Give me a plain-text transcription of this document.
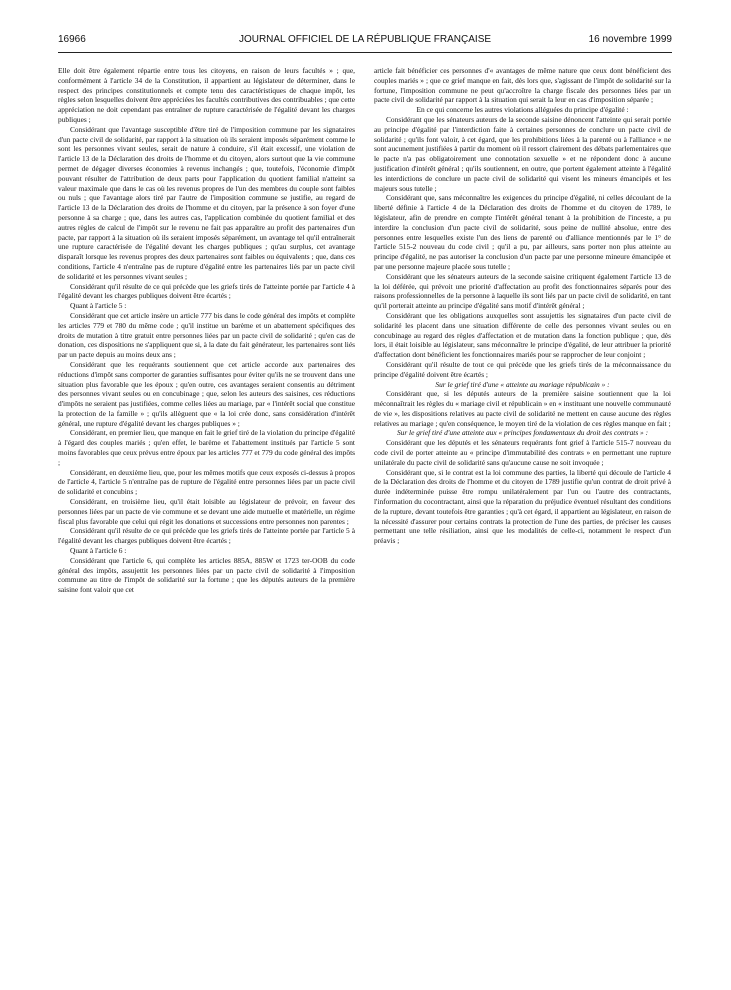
16966	JOURNAL OFFICIEL DE LA RÉPUBLIQUE FRANÇAISE	16 novembre 1999

Elle doit être également répartie entre tous les citoyens, en raison de leurs facultés » ; que, conformément à l'article 34 de la Constitution, il appartient au législateur de déterminer, dans le respect des principes constitutionnels et compte tenu des caractéristiques de chaque impôt, les règles selon lesquelles doivent être appréciées les facultés contributives des contribuables ; que cette appréciation ne doit cependant pas entraîner de rupture caractérisée de l'égalité devant les charges publiques ;

Considérant que l'avantage susceptible d'être tiré de l'imposition commune par les signataires d'un pacte civil de solidarité, par rapport à la situation où ils seraient imposés séparément comme le sont les personnes vivant seules, serait de nature à conduire, s'il était excessif, une violation de l'article 13 de la Déclaration des droits de l'homme et du citoyen, alors surtout que la vie commune permet de dégager diverses économies à revenus inchangés ; que, toutefois, l'économie d'impôt pouvant résulter de l'attribution de deux parts pour l'application du quotient familial n'atteint sa valeur maximale que dans le cas où les revenus propres de l'un des membres du couple sont faibles ou nuls ; que l'avantage alors tiré par l'autre de l'imposition commune se justifie, au regard de l'article 13 de la Déclaration des droits de l'homme et du citoyen, par la présence à son foyer d'une personne à sa charge ; que, dans les autres cas, l'application combinée du quotient familial et des autres règles de calcul de l'impôt sur le revenu ne fait pas apparaître au profit des partenaires d'un pacte, par rapport à la situation où ils seraient imposés séparément, un avantage tel qu'il entraînerait une rupture caractérisée de l'égalité devant les charges publiques ; qu'au surplus, cet avantage disparaît lorsque les revenus propres des deux partenaires sont faibles ou équivalents ; que, dans ces conditions, l'article 4 n'entraîne pas de rupture d'égalité entre les partenaires liés par un pacte civil de solidarité et les personnes vivant seules ;

Considérant qu'il résulte de ce qui précède que les griefs tirés de l'atteinte portée par l'article 4 à l'égalité devant les charges publiques doivent être écartés ;

Quant à l'article 5 :

Considérant que cet article insère un article 777 bis dans le code général des impôts et complète les articles 779 et 780 du même code ; qu'il institue un barème et un abattement spécifiques des droits de mutation à titre gratuit entre personnes liées par un pacte civil de solidarité ; qu'en cas de donation, ces dispositions ne s'appliquent que si, à la date du fait générateur, les partenaires sont liés par un pacte depuis au moins deux ans ;

Considérant que les requérants soutiennent que cet article accorde aux partenaires des réductions d'impôt sans comporter de garanties suffisantes pour éviter qu'ils ne se trouvent dans une situation plus favorable que les époux ; qu'en outre, ces avantages seraient consentis au détriment des personnes vivant seules ou en concubinage ; que, selon les auteurs des saisines, ces réductions d'impôts ne seraient pas justifiées, comme celles liées au mariage, par « l'intérêt social que constitue la protection de la famille » ; qu'ils allèguent que « la loi crée donc, sans considération d'intérêt général, une rupture d'égalité devant les charges publiques » ;

Considérant, en premier lieu, que manque en fait le grief tiré de la violation du principe d'égalité à l'égard des couples mariés ; qu'en effet, le barème et l'abattement institués par l'article 5 sont moins favorables que ceux prévus entre époux par les articles 777 et 779 du code général des impôts ;

Considérant, en deuxième lieu, que, pour les mêmes motifs que ceux exposés ci-dessus à propos de l'article 4, l'article 5 n'entraîne pas de rupture de l'égalité entre personnes liées par un pacte civil de solidarité et concubins ;

Considérant, en troisième lieu, qu'il était loisible au législateur de prévoir, en faveur des personnes liées par un pacte de vie commune et se devant une aide mutuelle et matérielle, un régime fiscal plus favorable que celui qui régit les donations et successions entre personnes non parentes ;

Considérant qu'il résulte de ce qui précède que les griefs tirés de l'atteinte portée par l'article 5 à l'égalité devant les charges publiques doivent être écartés ;

Quant à l'article 6 :

Considérant que l'article 6, qui complète les articles 885A, 885W et 1723 ter-OOB du code général des impôts, assujettit les personnes liées par un pacte civil de solidarité à l'imposition commune au titre de l'impôt de solidarité sur la fortune ; que les députés auteurs de la première saisine font valoir que cet

article fait bénéficier ces personnes d'« avantages de même nature que ceux dont bénéficient des couples mariés » ; que ce grief manque en fait, dès lors que, s'agissant de l'impôt de solidarité sur la fortune, l'imposition commune ne peut qu'accroître la charge fiscale des personnes liées par un pacte civil de solidarité par rapport à la situation qui serait la leur en cas d'imposition séparée ;

En ce qui concerne les autres violations alléguées du principe d'égalité :

Considérant que les sénateurs auteurs de la seconde saisine dénoncent l'atteinte qui serait portée au principe d'égalité par l'interdiction faite à certaines personnes de conclure un pacte civil de solidarité ; qu'ils font valoir, à cet égard, que les prohibitions liées à la parenté ou à l'alliance « ne sont aucunement justifiées à partir du moment où il ressort clairement des débats parlementaires que le pacte n'a pas obligatoirement une connotation sexuelle » et ne répondent donc à aucune justification d'intérêt général ; qu'ils soutiennent, en outre, que portent également atteinte à l'égalité les interdictions de conclure un pacte civil de solidarité qui visent les mineurs émancipés et les majeurs sous tutelle ;

Considérant que, sans méconnaître les exigences du principe d'égalité, ni celles découlant de la liberté définie à l'article 4 de la Déclaration des droits de l'homme et du citoyen de 1789, le législateur, afin de prendre en compte l'intérêt général tenant à la prohibition de l'inceste, a pu interdire la conclusion d'un pacte civil de solidarité, sous peine de nullité absolue, entre des personnes entre lesquelles existe l'un des liens de parenté ou d'alliance mentionnés par le 1° de l'article 515-2 nouveau du code civil ; qu'il a pu, par ailleurs, sans porter non plus atteinte au principe d'égalité, ne pas autoriser la conclusion d'un pacte par une personne mineure émancipée et par une personne majeure placée sous tutelle ;

Considérant que les sénateurs auteurs de la seconde saisine critiquent également l'article 13 de la loi déférée, qui prévoit une priorité d'affectation au profit des fonctionnaires séparés pour des raisons professionnelles de la personne à laquelle ils sont liés par un pacte civil de solidarité, en tant qu'il porterait atteinte au principe d'égalité sans motif d'intérêt général ;

Considérant que les obligations auxquelles sont assujettis les signataires d'un pacte civil de solidarité les placent dans une situation différente de celle des personnes vivant seules ou en concubinage au regard des règles d'affectation et de mutation dans la fonction publique ; que, dès lors, il était loisible au législateur, sans méconnaître le principe d'égalité, de leur attribuer la priorité d'affectation dont bénéficient les fonctionnaires mariés pour se rapprocher de leur conjoint ;

Considérant qu'il résulte de tout ce qui précède que les griefs tirés de la méconnaissance du principe d'égalité doivent être écartés ;

Sur le grief tiré d'une « atteinte au mariage républicain » :

Considérant que, si les députés auteurs de la première saisine soutiennent que la loi méconnaîtrait les règles du « mariage civil et républicain » en « instituant une nouvelle communauté de vie », les dispositions relatives au pacte civil de solidarité ne mettent en cause aucune des règles relatives au mariage ; qu'en conséquence, le moyen tiré de la violation de ces règles manque en fait ;

Sur le grief tiré d'une atteinte aux « principes fondamentaux du droit des contrats » :

Considérant que les députés et les sénateurs requérants font grief à l'article 515-7 nouveau du code civil de porter atteinte au « principe d'immutabilité des contrats » en permettant une rupture unilatérale du pacte civil de solidarité sans qu'aucune cause ne soit invoquée ;

Considérant que, si le contrat est la loi commune des parties, la liberté qui découle de l'article 4 de la Déclaration des droits de l'homme et du citoyen de 1789 justifie qu'un contrat de droit privé à durée indéterminée puisse être rompu unilatéralement par l'un ou l'autre des contractants, l'information du cocontractant, ainsi que la réparation du préjudice éventuel résultant des conditions de la rupture, devant toutefois être garanties ; qu'à cet égard, il appartient au législateur, en raison de la nécessité d'assurer pour certains contrats la protection de l'une des parties, de préciser les causes permettant une telle résiliation, ainsi que les modalités de celle-ci, notamment le respect d'un préavis ;
